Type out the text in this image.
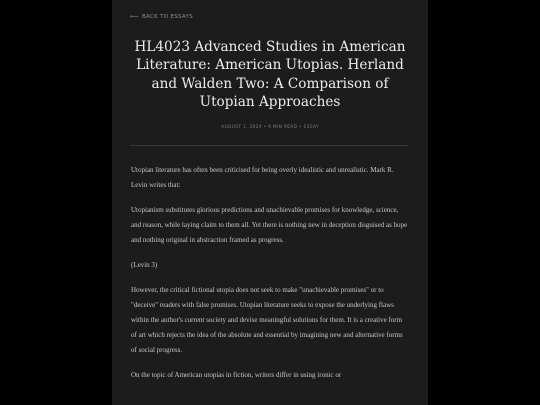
⟵ BACK TO ESSAYS
HL4023 Advanced Studies in American Literature: American Utopias. Herland and Walden Two: A Comparison of Utopian Approaches
AUGUST 1, 2024 • 9 MIN READ • ESSAY

Utopian literature has often been criticised for being overly idealistic and unrealistic. Mark R. Levin writes that:

Utopianism substitutes glorious predictions and unachievable promises for knowledge, science, and reason, while laying claim to them all. Yet there is nothing new in deception disguised as hope and nothing original in abstraction framed as progress.

(Levin 3)

However, the critical fictional utopia does not seek to make "unachievable promises" or to "deceive" readers with false promises. Utopian literature seeks to expose the underlying flaws within the author's current society and devise meaningful solutions for them. It is a creative form of art which rejects the idea of the absolute and essential by imagining new and alternative forms of social progress.

On the topic of American utopias in fiction, writers differ in using ironic or
